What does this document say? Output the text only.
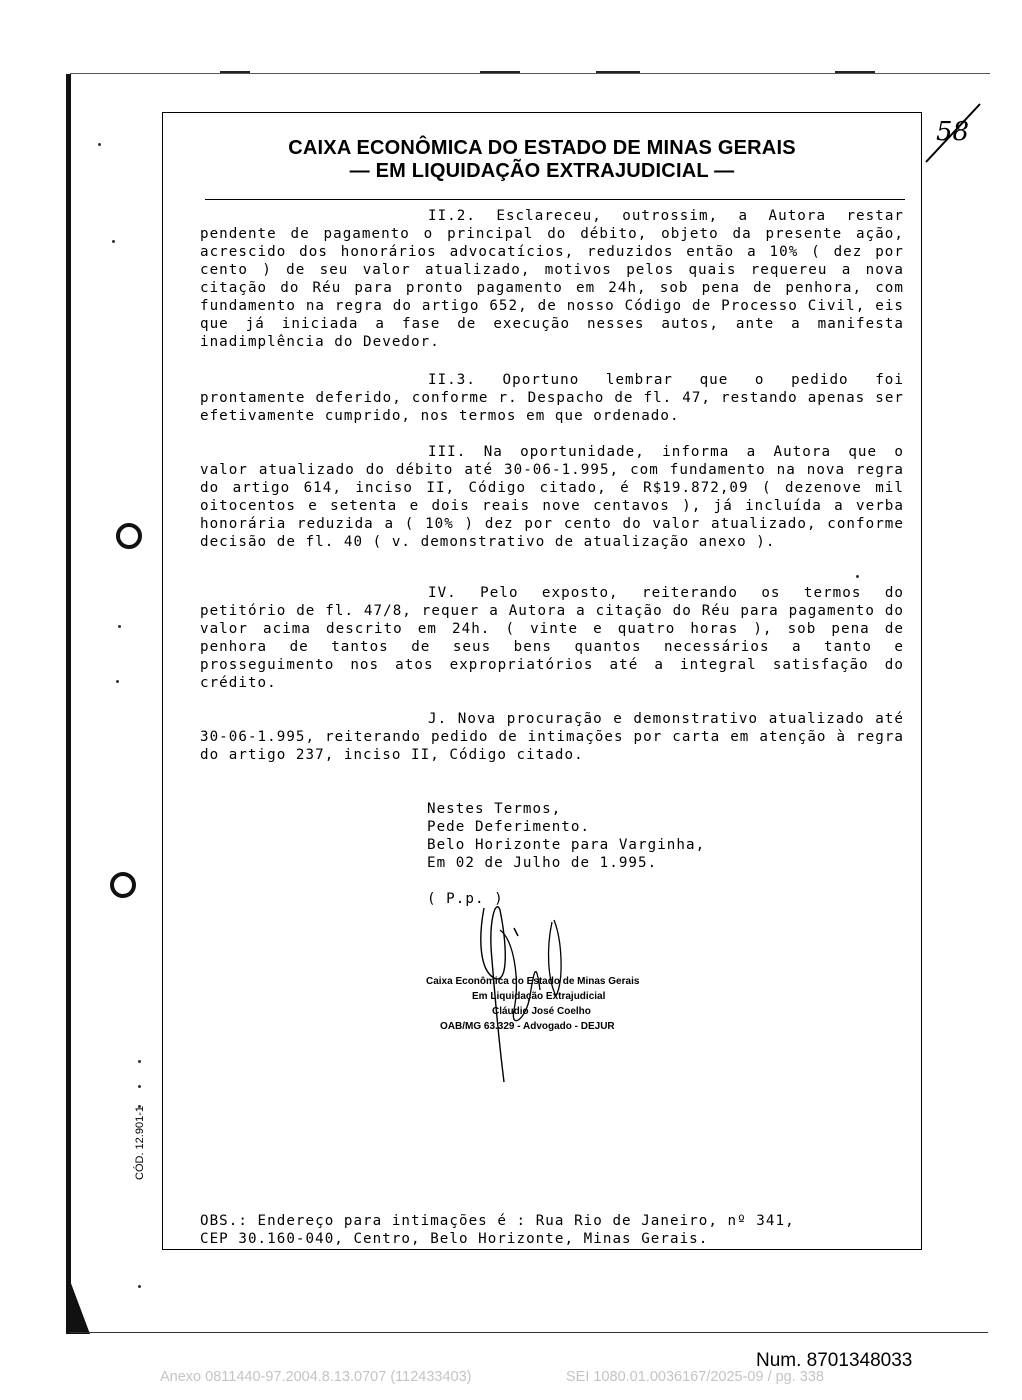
58
CAIXA ECONÔMICA DO ESTADO DE MINAS GERAIS
— EM LIQUIDAÇÃO EXTRAJUDICIAL —
II.2. Esclareceu, outrossim, a Autora restar pendente de pagamento o principal do débito, objeto da presente ação, acrescido dos honorários advocatícios, reduzidos então a 10% ( dez por cento ) de seu valor atualizado, motivos pelos quais requereu a nova citação do Réu para pronto pagamento em 24h, sob pena de penhora, com fundamento na regra do artigo 652, de nosso Código de Processo Civil, eis que já iniciada a fase de execução nesses autos, ante a manifesta inadimplência do Devedor.
II.3. Oportuno lembrar que o pedido foi prontamente deferido, conforme r. Despacho de fl. 47, restando apenas ser efetivamente cumprido, nos termos em que ordenado.
III. Na oportunidade, informa a Autora que o valor atualizado do débito até 30-06-1.995, com fundamento na nova regra do artigo 614, inciso II, Código citado, é R$19.872,09 ( dezenove mil oitocentos e setenta e dois reais nove centavos ), já incluída a verba honorária reduzida a ( 10% ) dez por cento do valor atualizado, conforme decisão de fl. 40 ( v. demonstrativo de atualização anexo ).
IV. Pelo exposto, reiterando os termos do petitório de fl. 47/8, requer a Autora a citação do Réu para pagamento do valor acima descrito em 24h. ( vinte e quatro horas ), sob pena de penhora de tantos de seus bens quantos necessários a tanto e prosseguimento nos atos expropriatórios até a integral satisfação do crédito.
J. Nova procuração e demonstrativo atualizado até 30-06-1.995, reiterando pedido de intimações por carta em atenção à regra do artigo 237, inciso II, Código citado.
Nestes Termos,
Pede Deferimento.
Belo Horizonte para Varginha,
Em 02 de Julho de 1.995.
( P.p. )
Caixa Econômica do Estado de Minas Gerais
Em Liquidação Extrajudicial
Cláudio José Coelho
OAB/MG 63.329 - Advogado - DEJUR
OBS.: Endereço para intimações é : Rua Rio de Janeiro, nº 341,
CEP 30.160-040, Centro, Belo Horizonte, Minas Gerais.
CÓD. 12.901-1
Num. 8701348033
Anexo 0811440-97.2004.8.13.0707 (112433403)	SEI 1080.01.0036167/2025-09 / pg. 338
